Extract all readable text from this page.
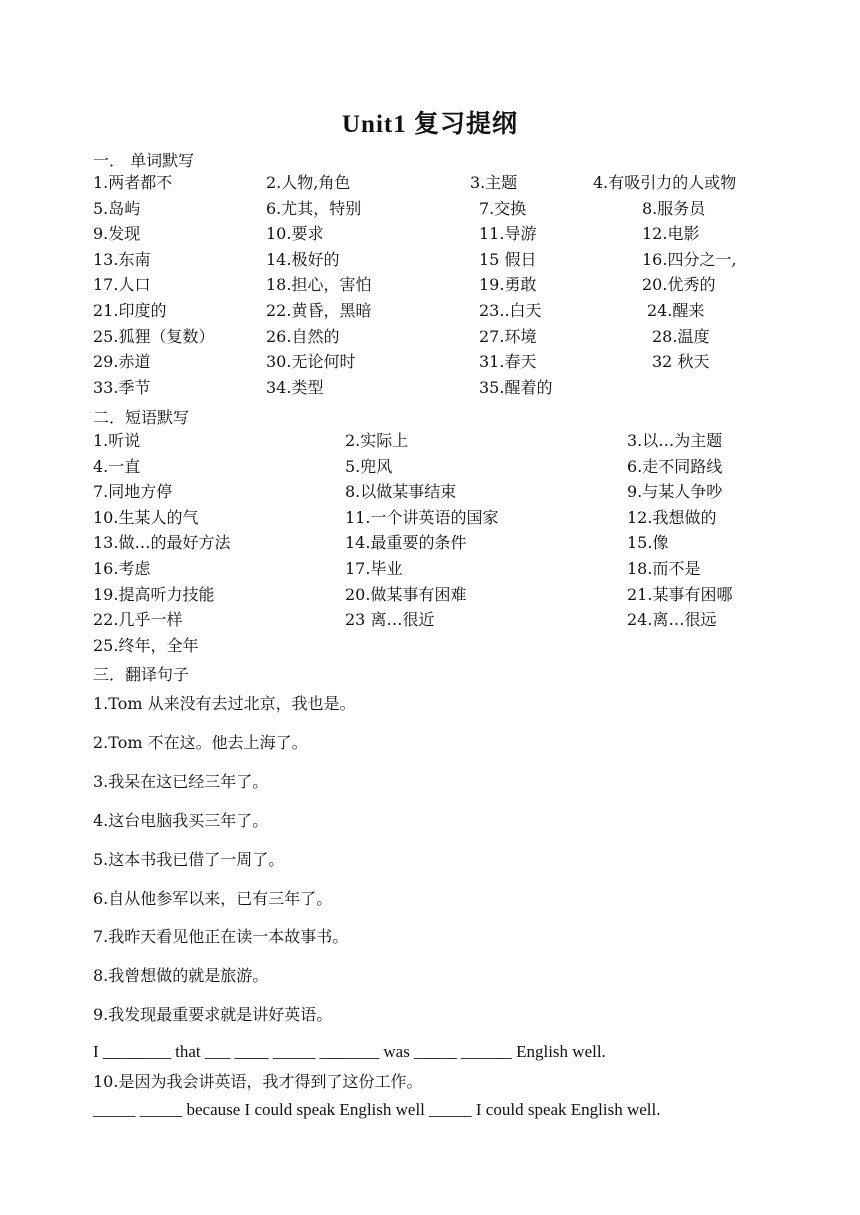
Unit1 复习提纲
一． 单词默写
1.两者都不	2.人物,角色	3.主题	4.有吸引力的人或物
5.岛屿	6.尤其，特别	7.交换	8.服务员
9.发现	10.要求	11.导游	12.电影
13.东南	14.极好的	15 假日	16.四分之一,
17.人口	18.担心，害怕	19.勇敢	20.优秀的
21.印度的	22.黄昏，黑暗	23..白天	24.醒来
25.狐狸（复数）	26.自然的	27.环境	28.温度
29.赤道	30.无论何时	31.春天	32 秋天
33.季节	34.类型	35.醒着的
二．短语默写
1.听说	2.实际上	3.以…为主题
4.一直	5.兜风	6.走不同路线
7.同地方停	8.以做某事结束	9.与某人争吵
10.生某人的气	11.一个讲英语的国家	12.我想做的
13.做…的最好方法	14.最重要的条件	15.像
16.考虑	17.毕业	18.而不是
19.提高听力技能	20.做某事有困难	21.某事有困哪
22.几乎一样	23 离…很近	24.离…很远
25.终年，全年
三．翻译句子
1.Tom 从来没有去过北京，我也是。
2.Tom 不在这。他去上海了。
3.我呆在这已经三年了。
4.这台电脑我买三年了。
5.这本书我已借了一周了。
6.自从他参军以来，已有三年了。
7.我昨天看见他正在读一本故事书。
8.我曾想做的就是旅游。
9.我发现最重要求就是讲好英语。
I ________ that ___ ____ _____ _______ was _____ ______ English well.
10.是因为我会讲英语，我才得到了这份工作。
_____ _____ because I could speak English well _____ I could speak English well.
